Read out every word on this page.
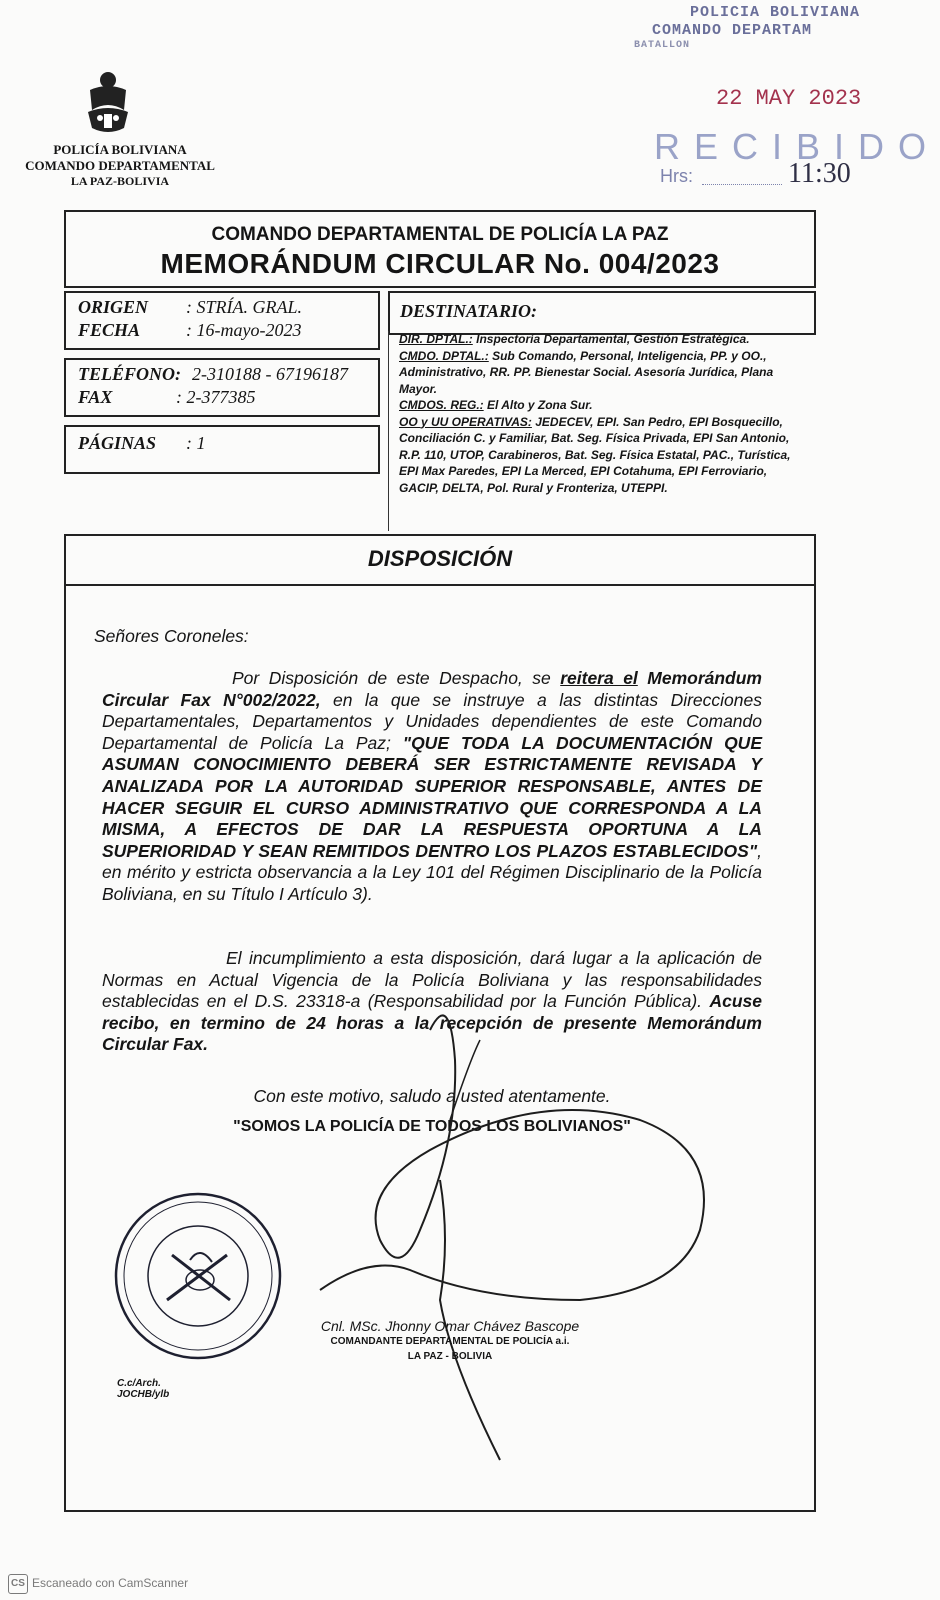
POLICÍA BOLIVIANA
COMANDO DEPARTAMENTAL
LA PAZ-BOLIVIA
POLICIA BOLIVIANA
COMANDO DEPARTAM
BATALLON
22 MAY 2023
RECIBIDO
Hrs:	11:30
COMANDO DEPARTAMENTAL DE POLICÍA LA PAZ
MEMORÁNDUM CIRCULAR No. 004/2023
ORIGEN : STRÍA. GRAL.
FECHA	: 16-mayo-2023
TELÉFONO: 2-310188 - 67196187
FAX	: 2-377385
PÁGINAS : 1
DESTINATARIO:

DIR. DPTAL.: Inspectoría Departamental, Gestión Estratégica.

CMDO. DPTAL.: Sub Comando, Personal, Inteligencia, PP. y OO., Administrativo, RR. PP. Bienestar Social. Asesoría Jurídica, Plana Mayor.

CMDOS. REG.: El Alto y Zona Sur.

OO y UU OPERATIVAS: JEDECEV, EPI. San Pedro, EPI Bosquecillo, Conciliación C. y Familiar, Bat. Seg. Física Privada, EPI San Antonio, R.P. 110, UTOP, Carabineros, Bat. Seg. Física Estatal, PAC., Turística, EPI Max Paredes, EPI La Merced, EPI Cotahuma, EPI Ferroviario, GACIP, DELTA, Pol. Rural y Fronteriza, UTEPPI.

DISPOSICIÓN
Señores Coroneles:
Por Disposición de este Despacho, se reitera el Memorándum Circular Fax N°002/2022, en la que se instruye a las distintas Direcciones Departamentales, Departamentos y Unidades dependientes de este Comando Departamental de Policía La Paz; "QUE TODA LA DOCUMENTACIÓN QUE ASUMAN CONOCIMIENTO DEBERÁ SER ESTRICTAMENTE REVISADA Y ANALIZADA POR LA AUTORIDAD SUPERIOR RESPONSABLE, ANTES DE HACER SEGUIR EL CURSO ADMINISTRATIVO QUE CORRESPONDA A LA MISMA, A EFECTOS DE DAR LA RESPUESTA OPORTUNA A LA SUPERIORIDAD Y SEAN REMITIDOS DENTRO LOS PLAZOS ESTABLECIDOS", en mérito y estricta observancia a la Ley 101 del Régimen Disciplinario de la Policía Boliviana, en su Título I Artículo 3).
El incumplimiento a esta disposición, dará lugar a la aplicación de Normas en Actual Vigencia de la Policía Boliviana y las responsabilidades establecidas en el D.S. 23318-a (Responsabilidad por la Función Pública). Acuse recibo, en termino de 24 horas a la recepción de presente Memorándum Circular Fax.
Con este motivo, saludo a usted atentamente.
"SOMOS LA POLICÍA DE TODOS LOS BOLIVIANOS"
Cnl. MSc. Jhonny Omar Chávez Bascope
COMANDANTE DEPARTAMENTAL DE POLICÍA a.i.
LA PAZ - BOLIVIA
C.c/Arch.
JOCHB/ylb
CS Escaneado con CamScanner
